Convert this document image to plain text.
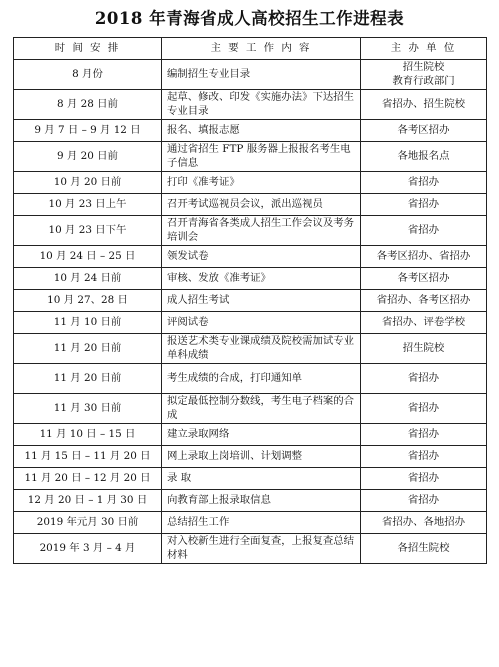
2018 年青海省成人高校招生工作进程表
时 间 安 排	主 要 工 作 内 容	主 办 单 位
8 月份	编制招生专业目录	招生院校
教育行政部门
8 月 28 日前	起草、修改、印发《实施办法》下达招生专业目录	省招办、招生院校
9 月 7 日 – 9 月 12 日	报名、填报志愿	各考区招办
9 月 20 日前	通过省招生 FTP 服务器上报报名考生电子信息	各地报名点
10 月 20 日前	打印《准考证》	省招办
10 月 23 日上午	召开考试巡视员会议，派出巡视员	省招办
10 月 23 日下午	召开青海省各类成人招生工作会议及考务培训会	省招办
10 月 24 日 – 25 日	领发试卷	各考区招办、省招办
10 月 24 日前	审核、发放《准考证》	各考区招办
10 月 27、28 日	成人招生考试	省招办、各考区招办
11 月 10 日前	评阅试卷	省招办、评卷学校
11 月 20 日前	报送艺术类专业课成绩及院校需加试专业单科成绩	招生院校
11 月 20 日前	考生成绩的合成，打印通知单	省招办
11 月 30 日前	拟定最低控制分数线，考生电子档案的合成	省招办
11 月 10 日 – 15 日	建立录取网络	省招办
11 月 15 日 – 11 月 20 日	网上录取上岗培训、计划调整	省招办
11 月 20 日 – 12 月 20 日	录 取	省招办
12 月 20 日 – 1 月 30 日	向教育部上报录取信息	省招办
2019 年元月 30 日前	总结招生工作	省招办、各地招办
2019 年 3 月 – 4 月	对入校新生进行全面复查，上报复查总结材料	各招生院校
